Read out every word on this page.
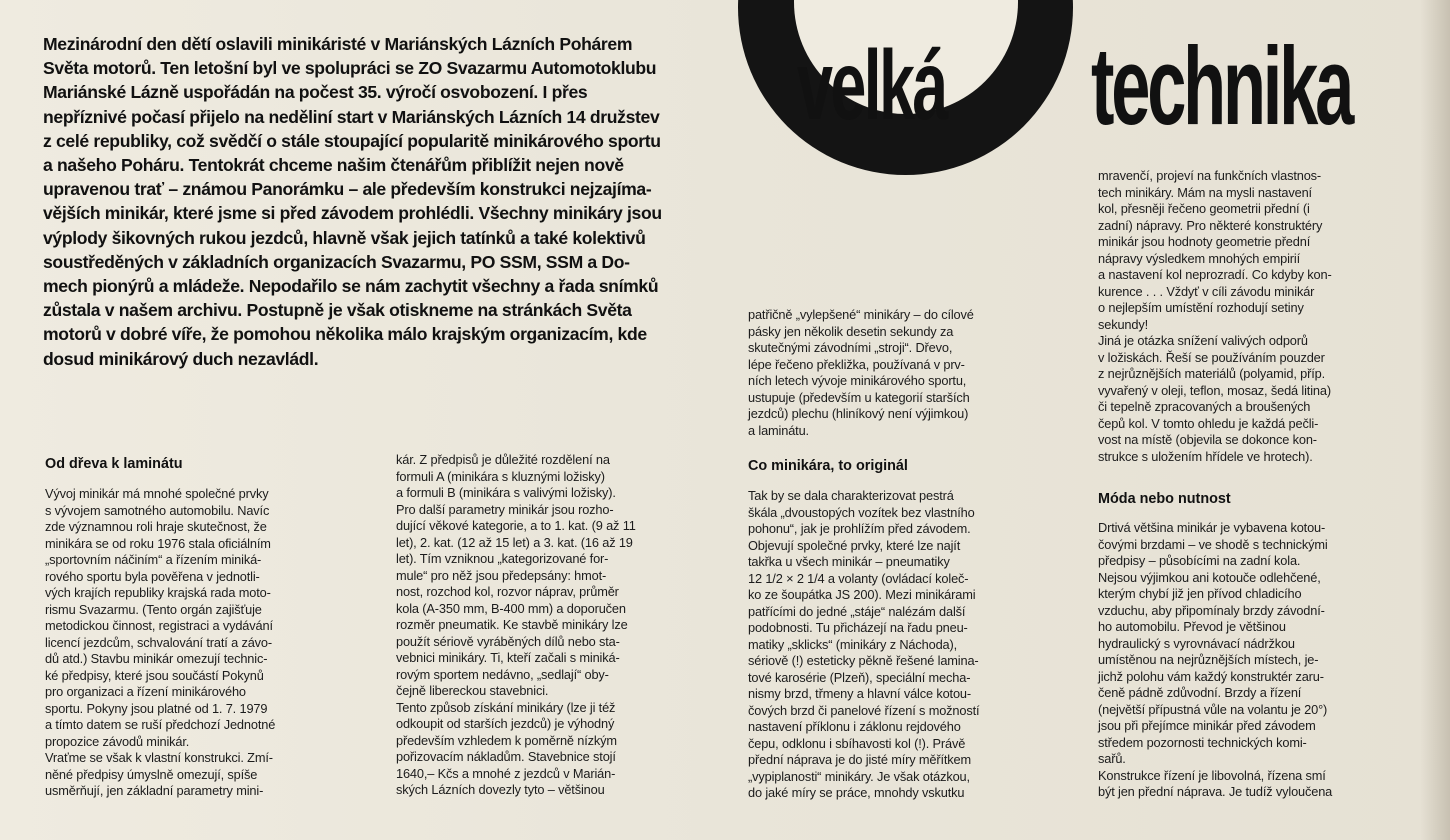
velká technika

Mezinárodní den dětí oslavili minikáristé v Mariánských Lázních Pohárem
Světa motorů. Ten letošní byl ve spolupráci se ZO Svazarmu Automotoklubu
Mariánské Lázně uspořádán na počest 35. výročí osvobození. I přes
nepříznivé počasí přijelo na neděliní start v Mariánských Lázních 14 družstev
z celé republiky, což svědčí o stále stoupající popularitě minikárového sportu
a našeho Poháru. Tentokrát chceme našim čtenářům přiblížit nejen nově
upravenou trať – známou Panorámku – ale především konstrukci nejzajíma-
vějších minikár, které jsme si před závodem prohlédli. Všechny minikáry jsou
výplody šikovných rukou jezdců, hlavně však jejich tatínků a také kolektivů
soustředěných v základních organizacích Svazarmu, PO SSM, SSM a Do-
mech pionýrů a mládeže. Nepodařilo se nám zachytit všechny a řada snímků
zůstala v našem archivu. Postupně je však otiskneme na stránkách Světa
motorů v dobré víře, že pomohou několika málo krajským organizacím, kde
dosud minikárový duch nezavládl.

Od dřeva k laminátu
Vývoj minikár má mnohé společné prvky
s vývojem samotného automobilu. Navíc
zde významnou roli hraje skutečnost, že
minikára se od roku 1976 stala oficiálním
„sportovním náčiním“ a řízením miniká-
rového sportu byla pověřena v jednotli-
vých krajích republiky krajská rada moto-
rismu Svazarmu. (Tento orgán zajišťuje
metodickou činnost, registraci a vydávání
licencí jezdcům, schvalování tratí a závo-
dů atd.) Stavbu minikár omezují technic-
ké předpisy, které jsou součástí Pokynů
pro organizaci a řízení minikárového
sportu. Pokyny jsou platné od 1. 7. 1979
a tímto datem se ruší předchozí Jednotné
propozice závodů minikár.
Vraťme se však k vlastní konstrukci. Zmí-
něné předpisy úmyslně omezují, spíše
usměrňují, jen základní parametry mini-
kár. Z předpisů je důležité rozdělení na
formuli A (minikára s kluznými ložisky)
a formuli B (minikára s valivými ložisky).
Pro další parametry minikár jsou rozho-
dující věkové kategorie, a to 1. kat. (9 až 11
let), 2. kat. (12 až 15 let) a 3. kat. (16 až 19
let). Tím vzniknou „kategorizované for-
mule“ pro něž jsou předepsány: hmot-
nost, rozchod kol, rozvor náprav, průměr
kola (A-350 mm, B-400 mm) a doporučen
rozměr pneumatik. Ke stavbě minikáry lze
použít sériově vyráběných dílů nebo sta-
vebnici minikáry. Ti, kteří začali s miniká-
rovým sportem nedávno, „sedlají“ oby-
čejně libereckou stavebnici.
Tento způsob získání minikáry (lze ji též
odkoupit od starších jezdců) je výhodný
především vzhledem k poměrně nízkým
pořizovacím nákladům. Stavebnice stojí
1640,– Kčs a mnohé z jezdců v Marián-
ských Lázních dovezly tyto – většinou
patřičně „vylepšené“ minikáry – do cílové
pásky jen několik desetin sekundy za
skutečnými závodními „stroji“. Dřevo,
lépe řečeno překližka, používaná v prv-
ních letech vývoje minikárového sportu,
ustupuje (především u kategorií starších
jezdců) plechu (hliníkový není výjimkou)
a laminátu.
Co minikára, to originál
Tak by se dala charakterizovat pestrá
škála „dvoustopých vozítek bez vlastního
pohonu“, jak je prohlížím před závodem.
Objevují společné prvky, které lze najít
takřka u všech minikár – pneumatiky
12 1/2 × 2 1/4 a volanty (ovládací koleč-
ko ze šoupátka JS 200). Mezi minikárami
patřícími do jedné „stáje“ nalézám další
podobnosti. Tu přicházejí na řadu pneu-
matiky „sklicks“ (minikáry z Náchoda),
sériově (!) esteticky pěkně řešené lamina-
tové karosérie (Plzeň), speciální mecha-
nismy brzd, třmeny a hlavní válce kotou-
čových brzd či panelové řízení s možností
nastavení příklonu i záklonu rejdového
čepu, odklonu i sbíhavosti kol (!). Právě
přední náprava je do jisté míry měřítkem
„vypiplanosti“ minikáry. Je však otázkou,
do jaké míry se práce, mnohdy vskutku
mravenčí, projeví na funkčních vlastnos-
tech minikáry. Mám na mysli nastavení
kol, přesněji řečeno geometrii přední (i
zadní) nápravy. Pro některé konstruktéry
minikár jsou hodnoty geometrie přední
nápravy výsledkem mnohých empirií
a nastavení kol neprozradí. Co kdyby kon-
kurence . . . Vždyť v cíli závodu minikár
o nejlepším umístění rozhodují setiny
sekundy!
Jiná je otázka snížení valivých odporů
v ložiskách. Řeší se používáním pouzder
z nejrůznějších materiálů (polyamid, příp.
vyvařený v oleji, teflon, mosaz, šedá litina)
či tepelně zpracovaných a broušených
čepů kol. V tomto ohledu je každá pečli-
vost na místě (objevila se dokonce kon-
strukce s uložením hřídele ve hrotech).
Móda nebo nutnost
Drtivá většina minikár je vybavena kotou-
čovými brzdami – ve shodě s technickými
předpisy – působícími na zadní kola.
Nejsou výjimkou ani kotouče odlehčené,
kterým chybí již jen přívod chladicího
vzduchu, aby připomínaly brzdy závodní-
ho automobilu. Převod je většinou
hydraulický s vyrovnávací nádržkou
umístěnou na nejrůznějších místech, je-
jichž polohu vám každý konstruktér zaru-
čeně pádně zdůvodní. Brzdy a řízení
(největší přípustná vůle na volantu je 20°)
jsou při přejímce minikár před závodem
středem pozornosti technických komi-
sařů.
Konstrukce řízení je libovolná, řízena smí
být jen přední náprava. Je tudíž vyloučena
